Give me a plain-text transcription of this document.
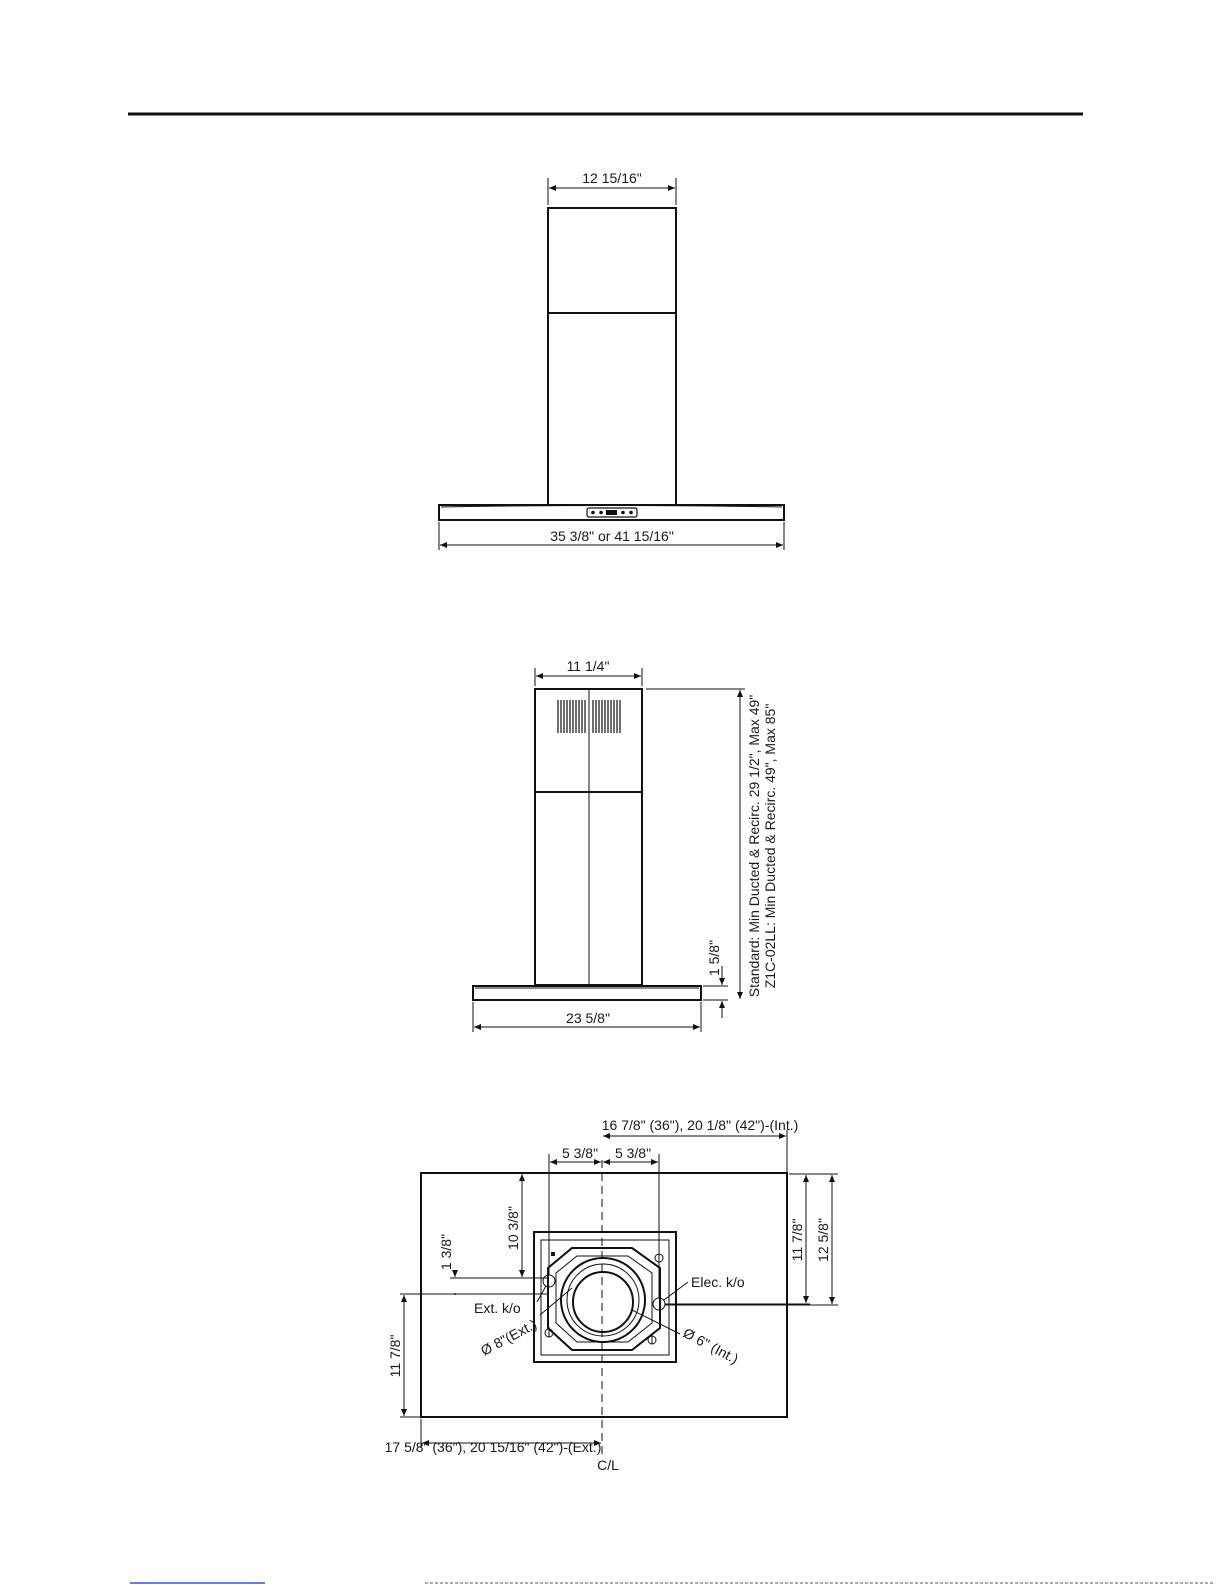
12 15/16"
35 3/8" or 41 15/16"
11 1/4"
23 5/8"
1 5/8" Standard: Min Ducted & Recirc. 29 1/2", Max 49" Z1C-02LL: Min Ducted & Recirc. 49", Max 85"
C/L
5 3/8" 5 3/8"
16 7/8" (36"), 20 1/8" (42")-(Int.)
10 3/8"
1 3/8"
11 7/8"
17 5/8" (36"), 20 15/16" (42")-(Ext.)
11 7/8" 12 5/8"
Ext. k/o
Elec. k/o
Ø 8"(Ext.)	Ø 6" (Int.)
